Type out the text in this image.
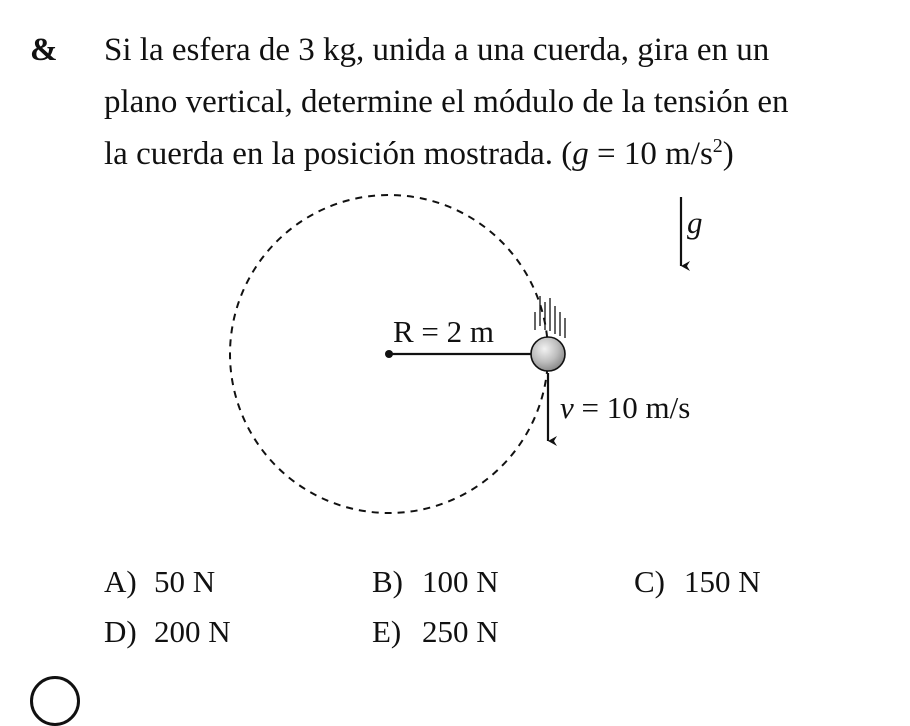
& Si la esfera de 3 kg, unida a una cuerda, gira en un
plano vertical, determine el módulo de la tensión en
la cuerda en la posición mostrada. (g = 10 $m/s^2$)
R = 2 m
v = 10 m/s
g
A) 50 N	B) 100 N	C) 150 N
D) 200 N	E) 250 N
